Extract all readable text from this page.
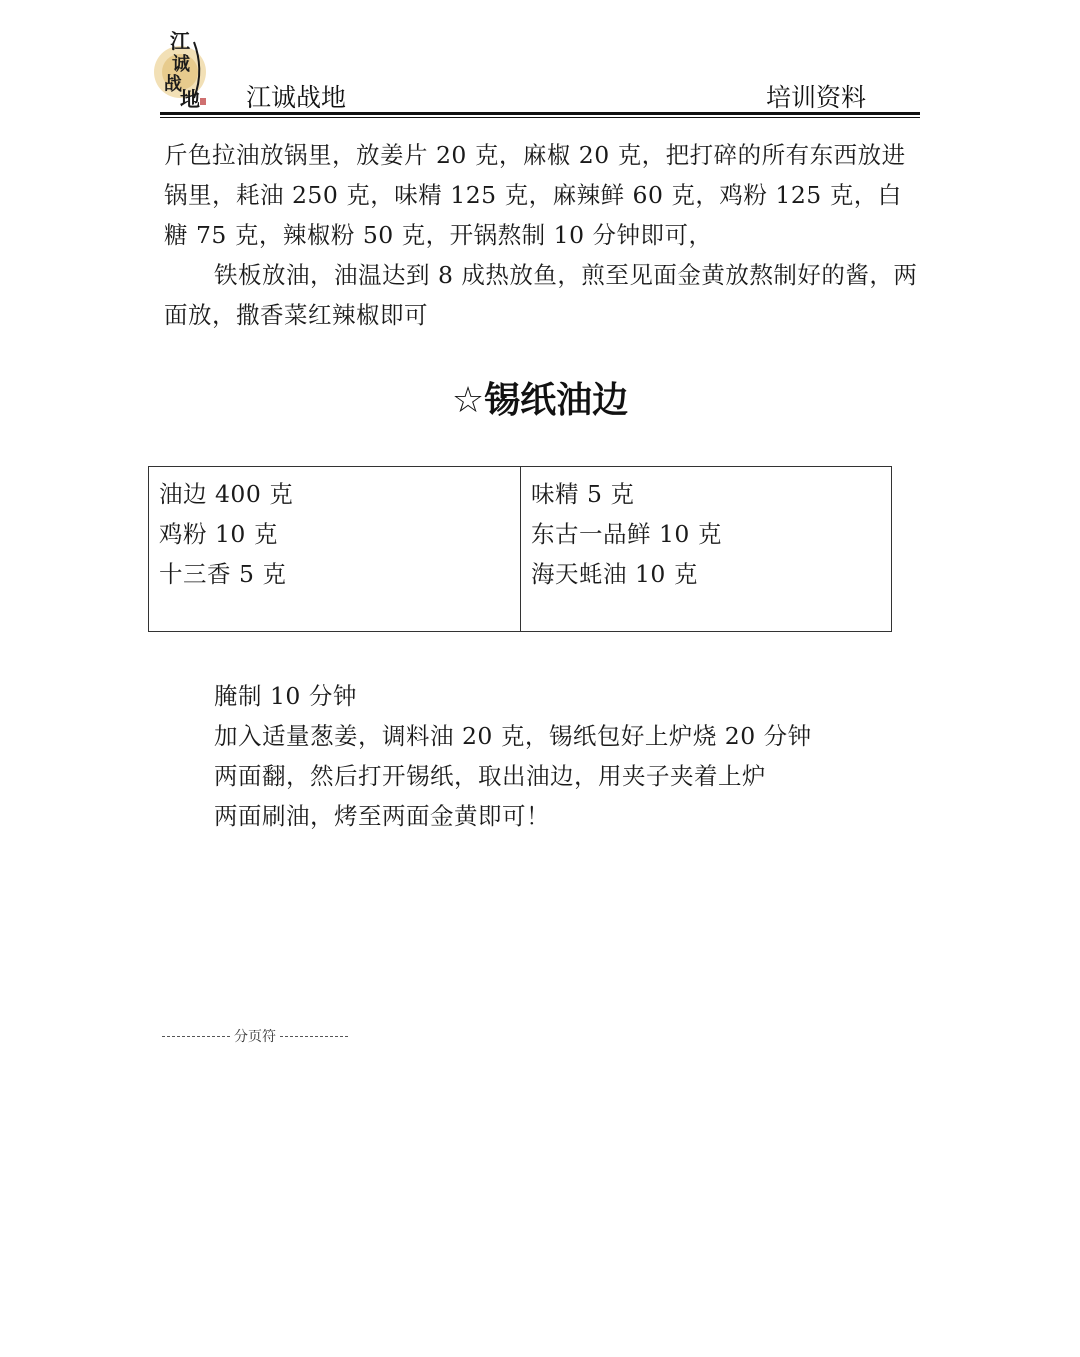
江
诚
战
地 江诚战地	培训资料

斤色拉油放锅里，放姜片 20 克，麻椒 20 克，把打碎的所有东西放进锅里，耗油 250 克，味精 125 克，麻辣鲜 60 克，鸡粉 125 克，白糖 75 克，辣椒粉 50 克，开锅熬制 10 分钟即可，

铁板放油，油温达到 8 成热放鱼，煎至见面金黄放熬制好的酱，两面放，撒香菜红辣椒即可

☆锡纸油边
油边 400 克
鸡粉 10 克
十三香 5 克
味精 5 克
东古一品鲜 10 克
海天蚝油 10 克
腌制 10 分钟
加入适量葱姜，调料油 20 克，锡纸包好上炉烧 20 分钟
两面翻，然后打开锡纸，取出油边，用夹子夹着上炉
两面刷油，烤至两面金黄即可！
分页符
